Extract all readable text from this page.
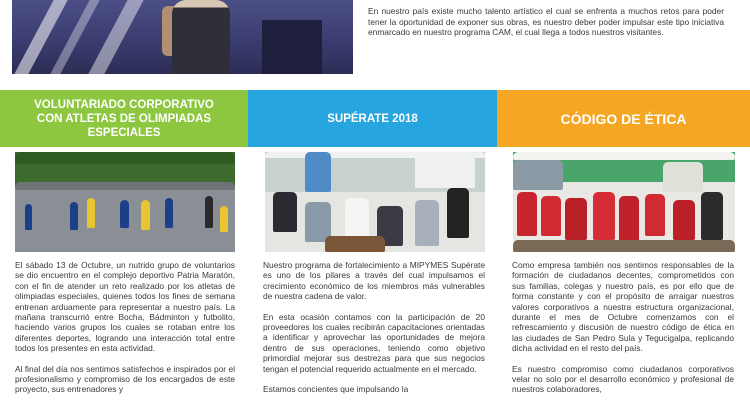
En nuestro país existe mucho talento artístico el cual se enfrenta a muchos retos para poder tener la oportunidad de exponer sus obras, es nuestro deber poder impulsar este tipo iniciativa enmarcado en nuestro programa CAM, el cual llega a todos nuestros visitantes.
VOLUNTARIADO CORPORATIVO CON ATLETAS DE OLIMPIADAS ESPECIALES
SUPÉRATE 2018	CÓDIGO DE ÉTICA

El sábado 13 de Octubre, un nutrido grupo de voluntarios se dio encuentro en el complejo deportivo Patria Maratón, con el fin de atender un reto realizado por los atletas de olimpiadas especiales, quienes todos los fines de semana entrenan arduamente para representar a nuestro país. La mañana transcurrió entre Bocha, Bádminton y futbolito, haciendo varios grupos los cuales se rotaban entre los diferentes deportes, logrando una interacción total entre todos los presentes en esta actividad.

Al final del día nos sentimos satisfechos e inspirados por el profesionalismo y compromiso de los encargados de este proyecto, sus entrenadores y

Nuestro programa de fortalecimiento a MIPYMES Supérate es uno de los pilares a través del cual impulsamos el crecimiento económico de los miembros más vulnerables de nuestra cadena de valor.

En esta ocasión contamos con la participación de 20 proveedores los cuales recibirán capacitaciones orientadas a identificar y aprovechar las oportunidades de mejora dentro de sus operaciones, teniendo como objetivo primordial mejorar sus destrezas para que sus negocios tengan el potencial requerido actualmente en el mercado.

Estamos concientes que impulsando la

Como empresa también nos sentimos responsables de la formación de ciudadanos decentes, comprometidos con sus familias, colegas y nuestro país, es por ello que de forma constante y con el propósito de arraigar nuestros valores corporativos a nuestra estructura organizacional, durante el mes de Octubre comenzamos con el refrescamiento y discusión de nuestro código de ética en las ciudades de San Pedro Sula y Tegucigalpa, replicando dicha actividad en el resto del país.

Es nuestro compromiso como ciudadanos corporativos velar no solo por el desarrollo económico y profesional de nuestros colaboradores,
